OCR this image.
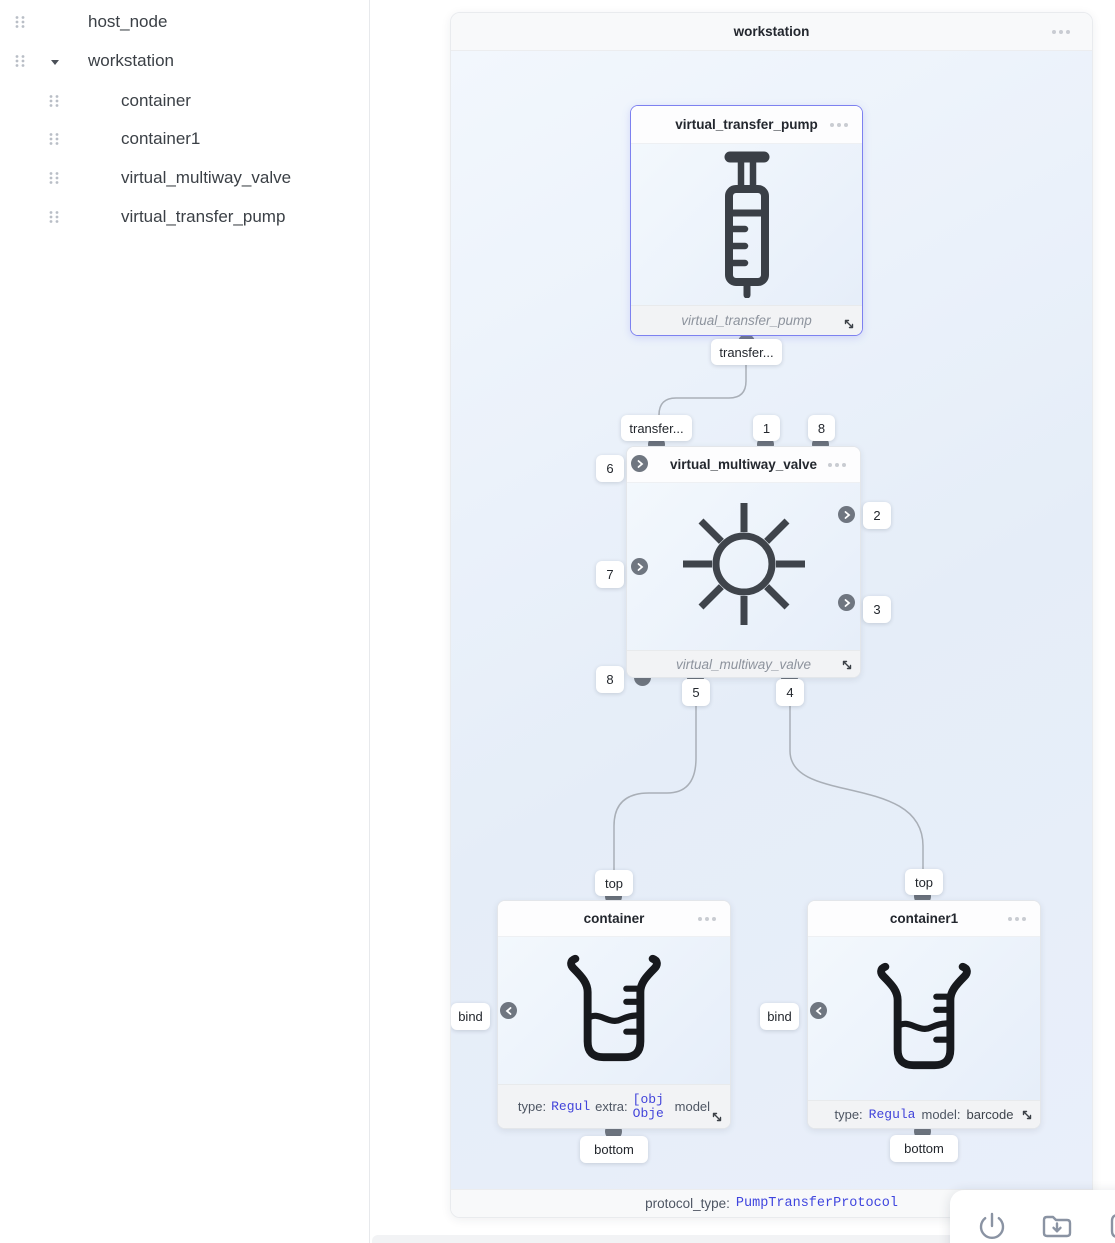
host_node
workstation
container
container1
virtual_multiway_valve
virtual_transfer_pump
virtual_transfer_pump
virtual_transfer_pump
virtual_multiway_valve
virtual_multiway_valve
container
type: Regul extra: [obj Obje model
container1
type: Regula model: barcode
transfer...
transfer...	1	8
6
7
8
2
3
5	4
top	top
bind	bind
bottom	bottom
workstation
protocol_type: PumpTransferProtocol
